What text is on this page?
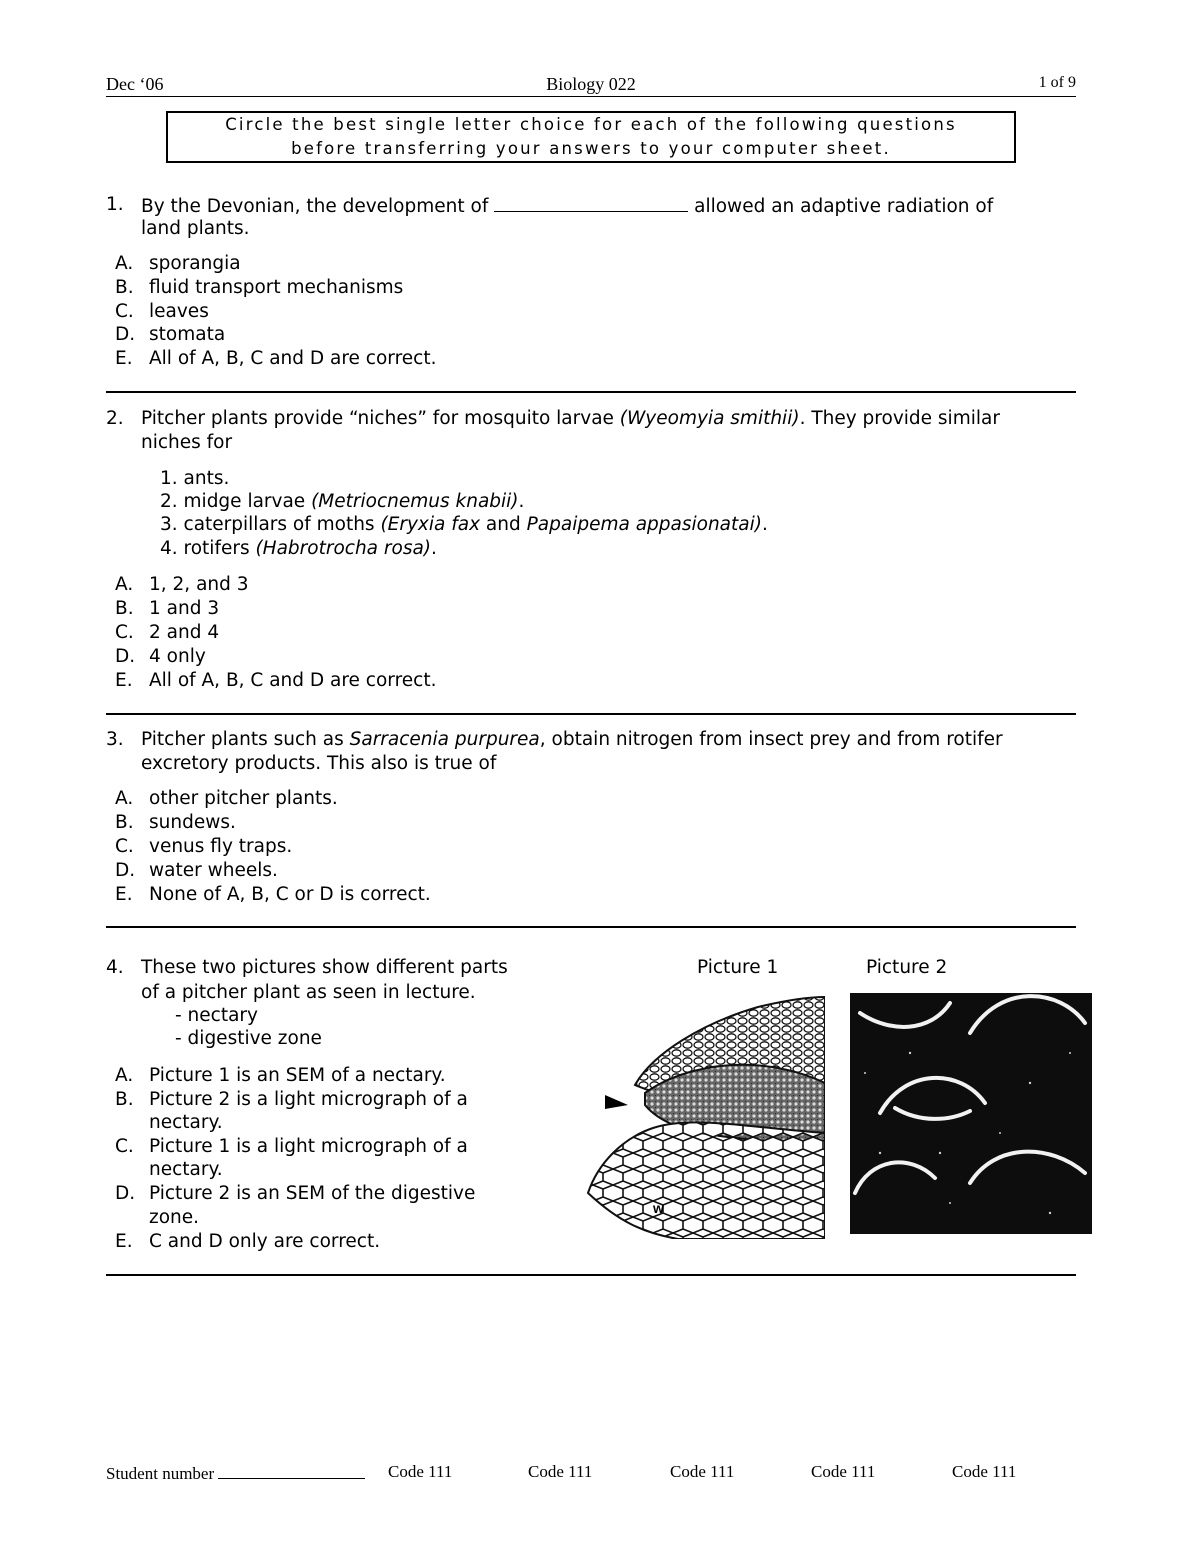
Dec ‘06	Biology 022	1 of 9
Circle the best single letter choice for each of the following questions
before transferring your answers to your computer sheet.
1. By the Devonian, the development of	allowed an adaptive radiation of
land plants.
A. sporangia
B. fluid transport mechanisms
C. leaves
D. stomata
E. All of A, B, C and D are correct.
2. Pitcher plants provide “niches” for mosquito larvae (Wyeomyia smithii). They provide similar
niches for
1. ants.
2. midge larvae (Metriocnemus knabii).
3. caterpillars of moths (Eryxia fax and Papaipema appasionatai).
4. rotifers (Habrotrocha rosa).
A. 1, 2, and 3
B. 1 and 3
C. 2 and 4
D. 4 only
E. All of A, B, C and D are correct.
3. Pitcher plants such as Sarracenia purpurea, obtain nitrogen from insect prey and from rotifer
excretory products. This also is true of
A. other pitcher plants.
B. sundews.
C. venus fly traps.
D. water wheels.
E. None of A, B, C or D is correct.
4. These two pictures show different parts
of a pitcher plant as seen in lecture.
- nectary
- digestive zone
Picture 1	Picture 2
A. Picture 1 is an SEM of a nectary.
B. Picture 2 is a light micrograph of a
nectary.
C. Picture 1 is a light micrograph of a
nectary.
D. Picture 2 is an SEM of the digestive
zone.
E. C and D only are correct.
w
Student number	Code 111	Code 111	Code 111	Code 111	Code 111
